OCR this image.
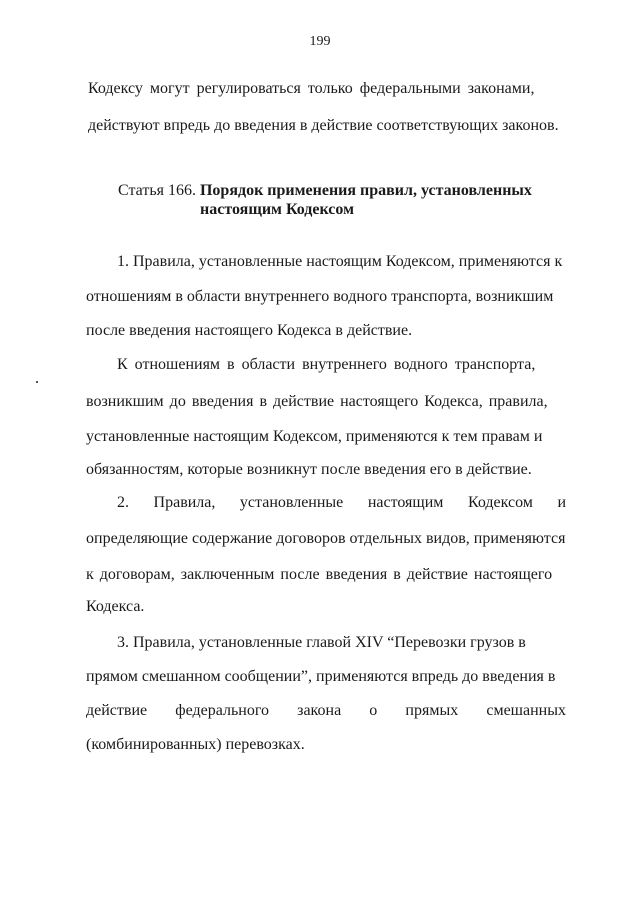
199
Кодексу могут регулироваться только федеральными законами,
действуют впредь до введения в действие соответствующих законов.
Статья 166. Порядок применения правил, установленных
настоящим Кодексом
1. Правила, установленные настоящим Кодексом, применяются к
отношениям в области внутреннего водного транспорта, возникшим
после введения настоящего Кодекса в действие.
К отношениям в области внутреннего водного транспорта,
возникшим до введения в действие настоящего Кодекса, правила,
установленные настоящим Кодексом, применяются к тем правам и
обязанностям, которые возникнут после введения его в действие.
2. Правила, установленные настоящим Кодексом и
определяющие содержание договоров отдельных видов, применяются
к договорам, заключенным после введения в действие настоящего
Кодекса.
3. Правила, установленные главой XIV “Перевозки грузов в
прямом смешанном сообщении”, применяются впредь до введения в
действие федерального закона о прямых смешанных
(комбинированных) перевозках.
